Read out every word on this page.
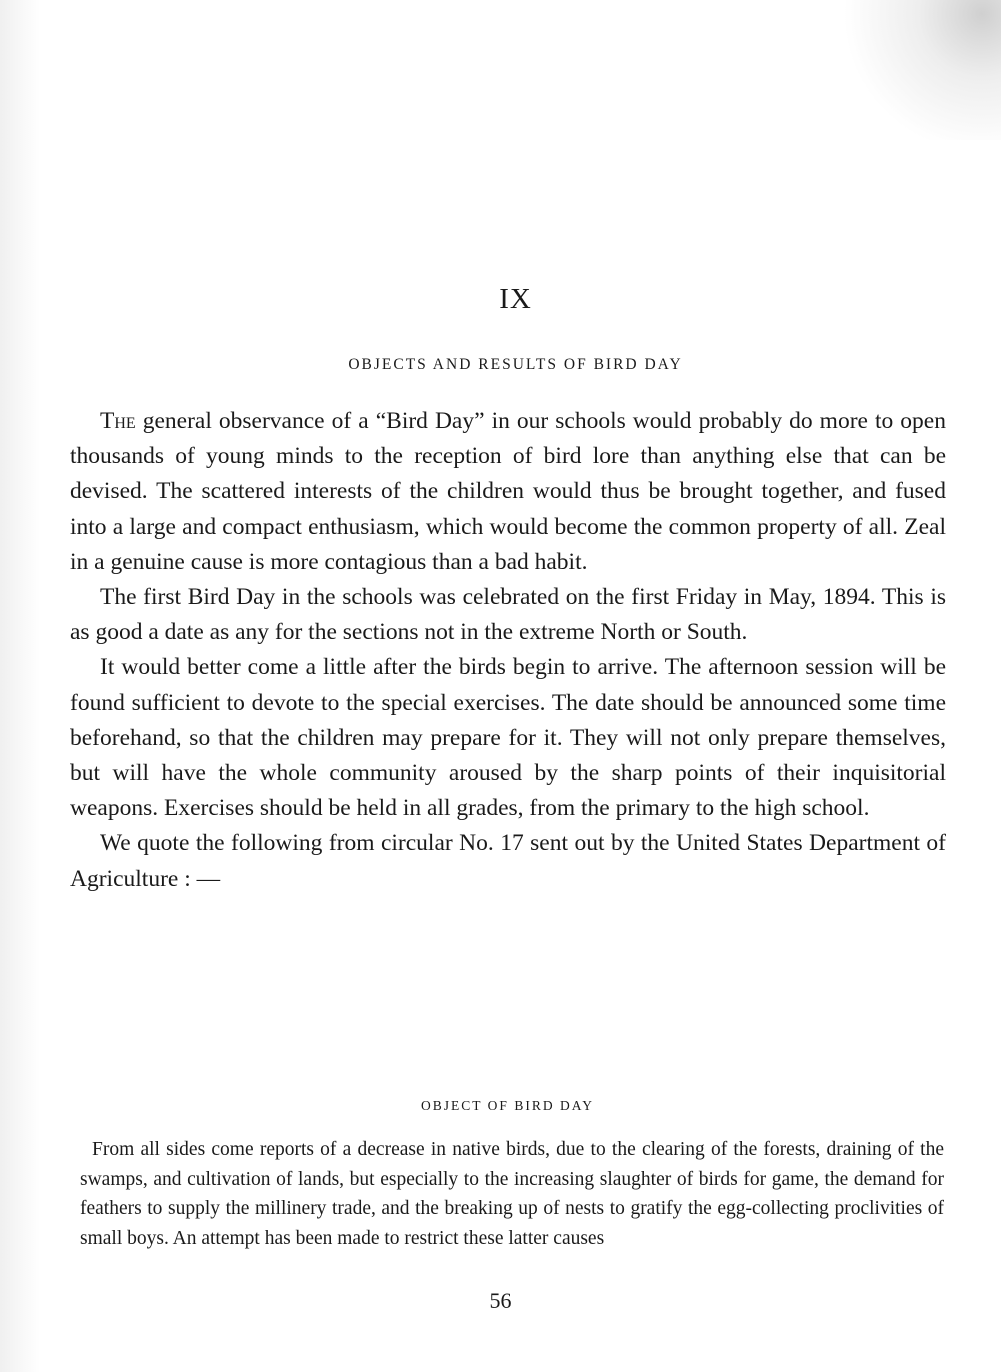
IX
OBJECTS AND RESULTS OF BIRD DAY

The general observance of a “Bird Day” in our schools would probably do more to open thousands of young minds to the reception of bird lore than anything else that can be devised. The scattered interests of the children would thus be brought together, and fused into a large and compact enthusiasm, which would become the common property of all. Zeal in a genuine cause is more contagious than a bad habit.

The first Bird Day in the schools was celebrated on the first Friday in May, 1894. This is as good a date as any for the sections not in the extreme North or South.

It would better come a little after the birds begin to arrive. The afternoon session will be found sufficient to devote to the special exercises. The date should be announced some time beforehand, so that the children may prepare for it. They will not only prepare themselves, but will have the whole community aroused by the sharp points of their inquisitorial weapons. Exercises should be held in all grades, from the primary to the high school.

We quote the following from circular No. 17 sent out by the United States Department of Agriculture : —

OBJECT OF BIRD DAY

From all sides come reports of a decrease in native birds, due to the clearing of the forests, draining of the swamps, and cultivation of lands, but especially to the increasing slaughter of birds for game, the demand for feathers to supply the millinery trade, and the breaking up of nests to gratify the egg-collecting proclivities of small boys. An attempt has been made to restrict these latter causes

56
